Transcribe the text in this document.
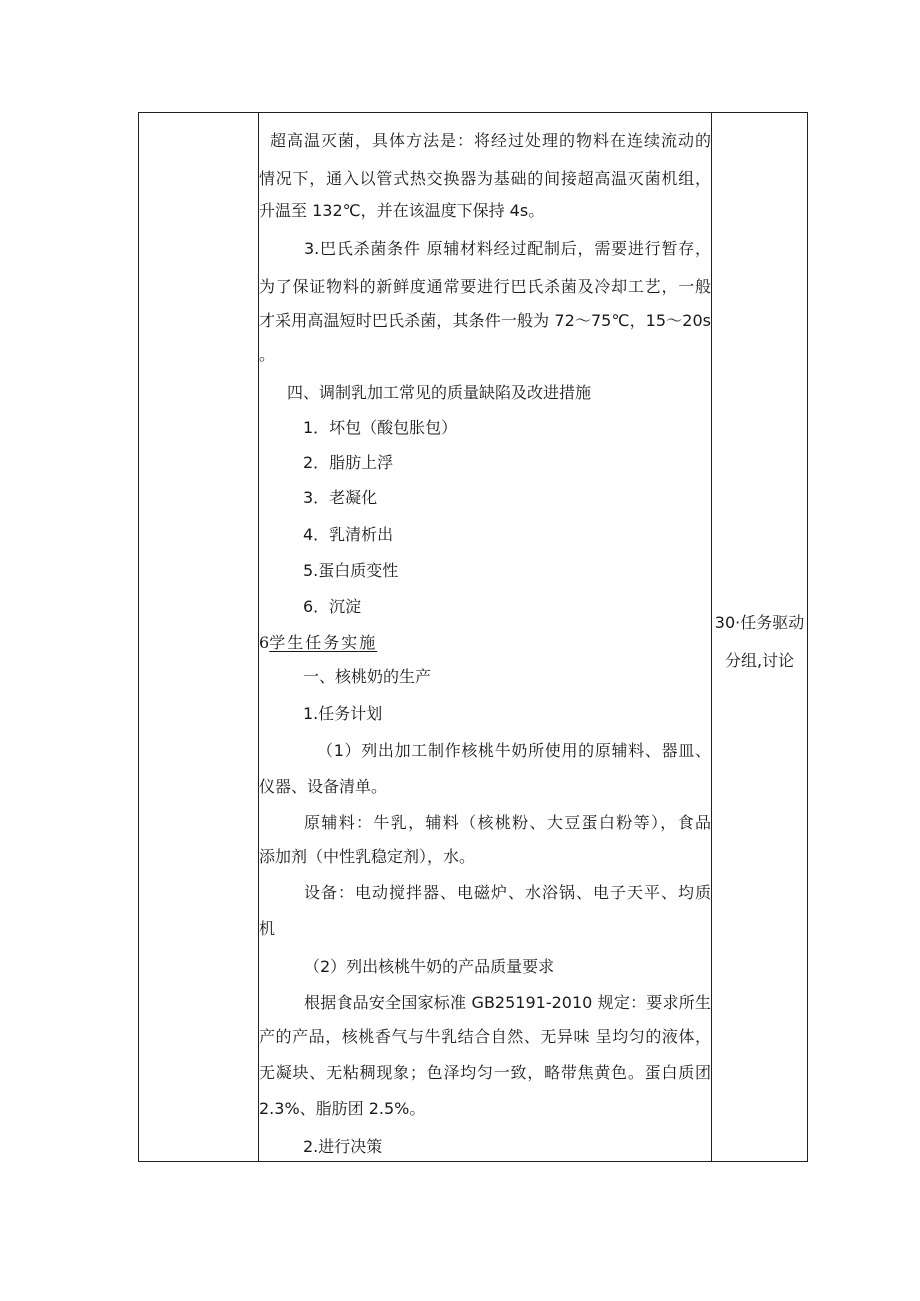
超高温灭菌，具体方法是：将经过处理的物料在连续流动的
情况下，通入以管式热交换器为基础的间接超高温灭菌机组，
升温至 132℃，并在该温度下保持 4s。
3.巴氏杀菌条件 原辅材料经过配制后，需要进行暂存，
为了保证物料的新鲜度通常要进行巴氏杀菌及冷却工艺，一般
才采用高温短时巴氏杀菌，其条件一般为 72～75℃，15～20s
。
四、调制乳加工常见的质量缺陷及改进措施
1．坏包（酸包胀包）
2．脂肪上浮
3．老凝化
4．乳清析出
5.蛋白质变性
6．沉淀
6学生任务实施
一、核桃奶的生产
1.任务计划
（1）列出加工制作核桃牛奶所使用的原辅料、器皿、
仪器、设备清单。
原辅料：牛乳，辅料（核桃粉、大豆蛋白粉等），食品
添加剂（中性乳稳定剂），水。
设备：电动搅拌器、电磁炉、水浴锅、电子天平、均质
机
（2）列出核桃牛奶的产品质量要求
根据食品安全国家标准 GB25191-2010 规定：要求所生
产的产品，核桃香气与牛乳结合自然、无异味 呈均匀的液体，
无凝块、无粘稠现象；色泽均匀一致，略带焦黄色。蛋白质团
2.3%、脂肪团 2.5%。
2.进行决策
30·任务驱动
分组,讨论
